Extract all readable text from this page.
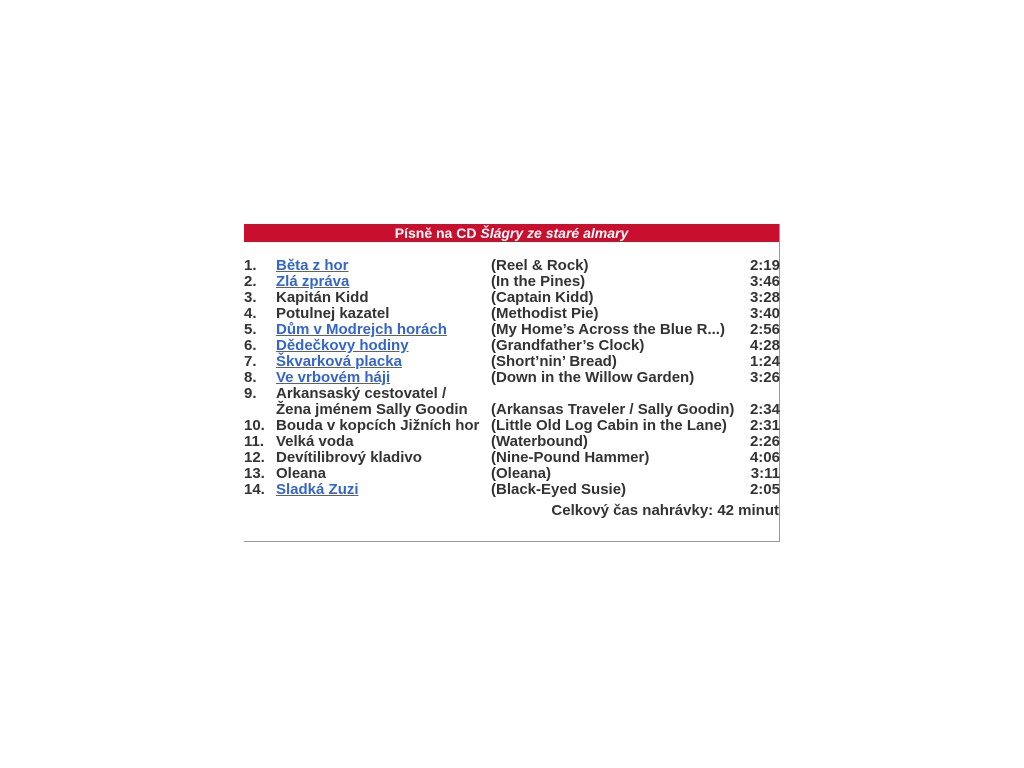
Písně na CD Šlágry ze staré almary
1. Běta z hor	(Reel & Rock)	2:19
2. Zlá zpráva	(In the Pines)	3:46
3. Kapitán Kidd	(Captain Kidd)	3:28
4. Potulnej kazatel	(Methodist Pie)	3:40
5. Dům v Modrejch horách	(My Home’s Across the Blue R...) 2:56
6. Dědečkovy hodiny	(Grandfather’s Clock)	4:28
7. Škvarková placka	(Short’nin’ Bread)	1:24
8. Ve vrbovém háji	(Down in the Willow Garden)	3:26
9. Arkansaský cestovatel /
Žena jménem Sally Goodin (Arkansas Traveler / Sally Goodin) 2:34
10. Bouda v kopcích Jižních hor (Little Old Log Cabin in the Lane) 2:31
11. Velká voda	(Waterbound)	2:26
12. Devítilibrový kladivo	(Nine-Pound Hammer)	4:06
13. Oleana	(Oleana)	3:11
14. Sladká Zuzi	(Black-Eyed Susie)	2:05
Celkový čas nahrávky: 42 minut
